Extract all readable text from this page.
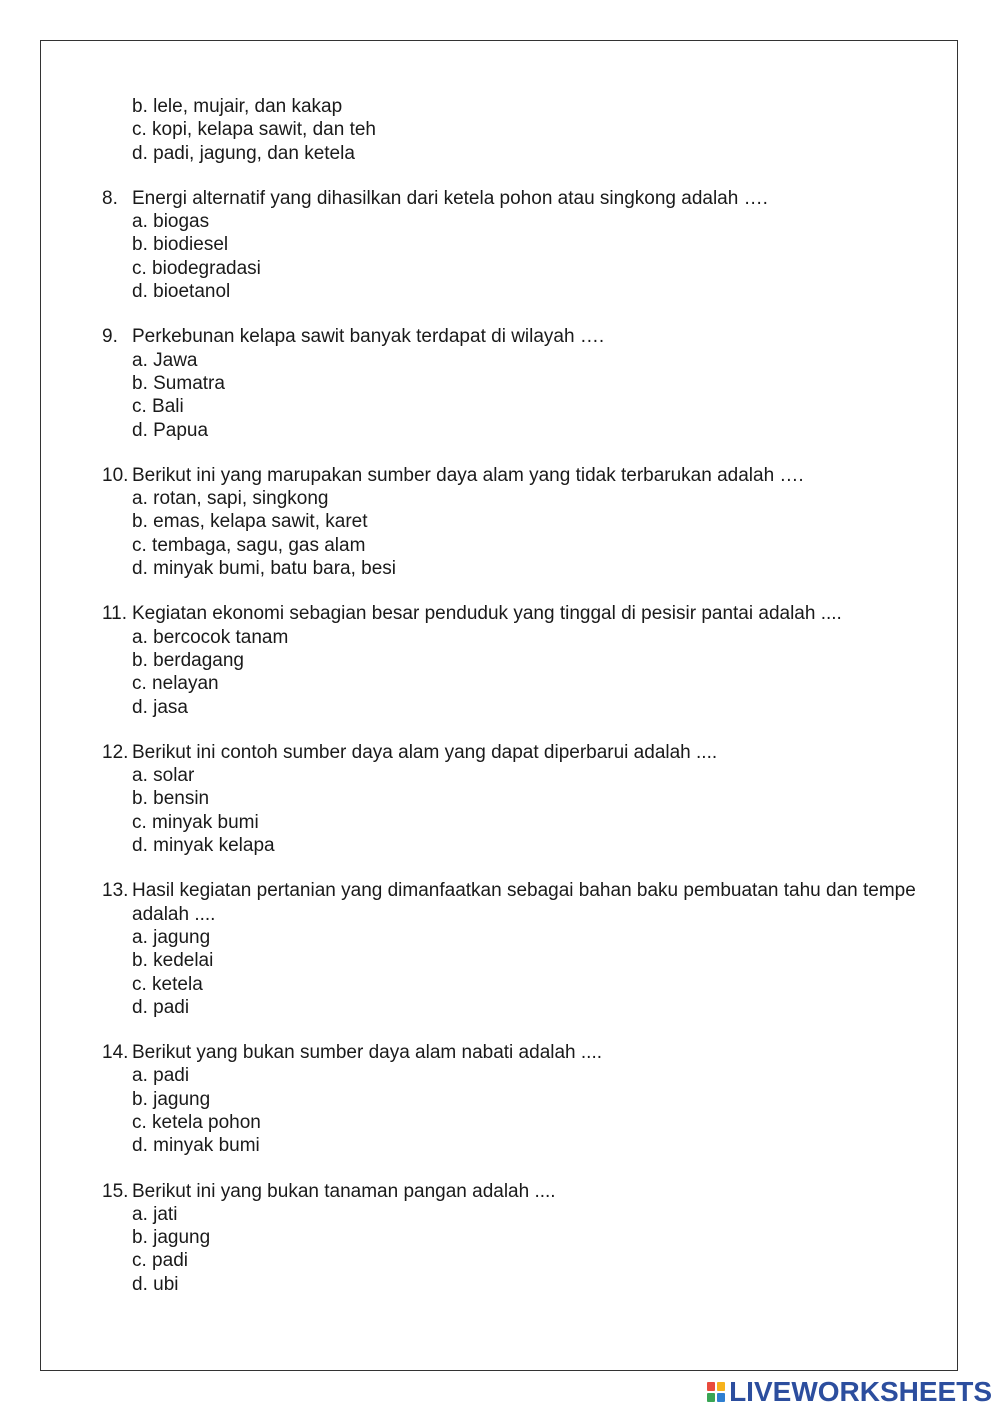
b. lele, mujair, dan kakap
c. kopi, kelapa sawit, dan teh
d. padi, jagung, dan ketela
8. Energi alternatif yang dihasilkan dari ketela pohon atau singkong adalah ….
a. biogas
b. biodiesel
c. biodegradasi
d. bioetanol
9. Perkebunan kelapa sawit banyak terdapat di wilayah ….
a. Jawa
b. Sumatra
c. Bali
d. Papua
10. Berikut ini yang marupakan sumber daya alam yang tidak terbarukan adalah ….
a. rotan, sapi, singkong
b. emas, kelapa sawit, karet
c. tembaga, sagu, gas alam
d. minyak bumi, batu bara, besi
11. Kegiatan ekonomi sebagian besar penduduk yang tinggal di pesisir pantai adalah ....
a. bercocok tanam
b. berdagang
c. nelayan
d. jasa
12. Berikut ini contoh sumber daya alam yang dapat diperbarui adalah ....
a. solar
b. bensin
c. minyak bumi
d. minyak kelapa
13. Hasil kegiatan pertanian yang dimanfaatkan sebagai bahan baku pembuatan tahu dan tempe adalah ....
a. jagung
b. kedelai
c. ketela
d. padi
14. Berikut yang bukan sumber daya alam nabati adalah ....
a. padi
b. jagung
c. ketela pohon
d. minyak bumi
15. Berikut ini yang bukan tanaman pangan adalah ....
a. jati
b. jagung
c. padi
d. ubi
LIVEWORKSHEETS
